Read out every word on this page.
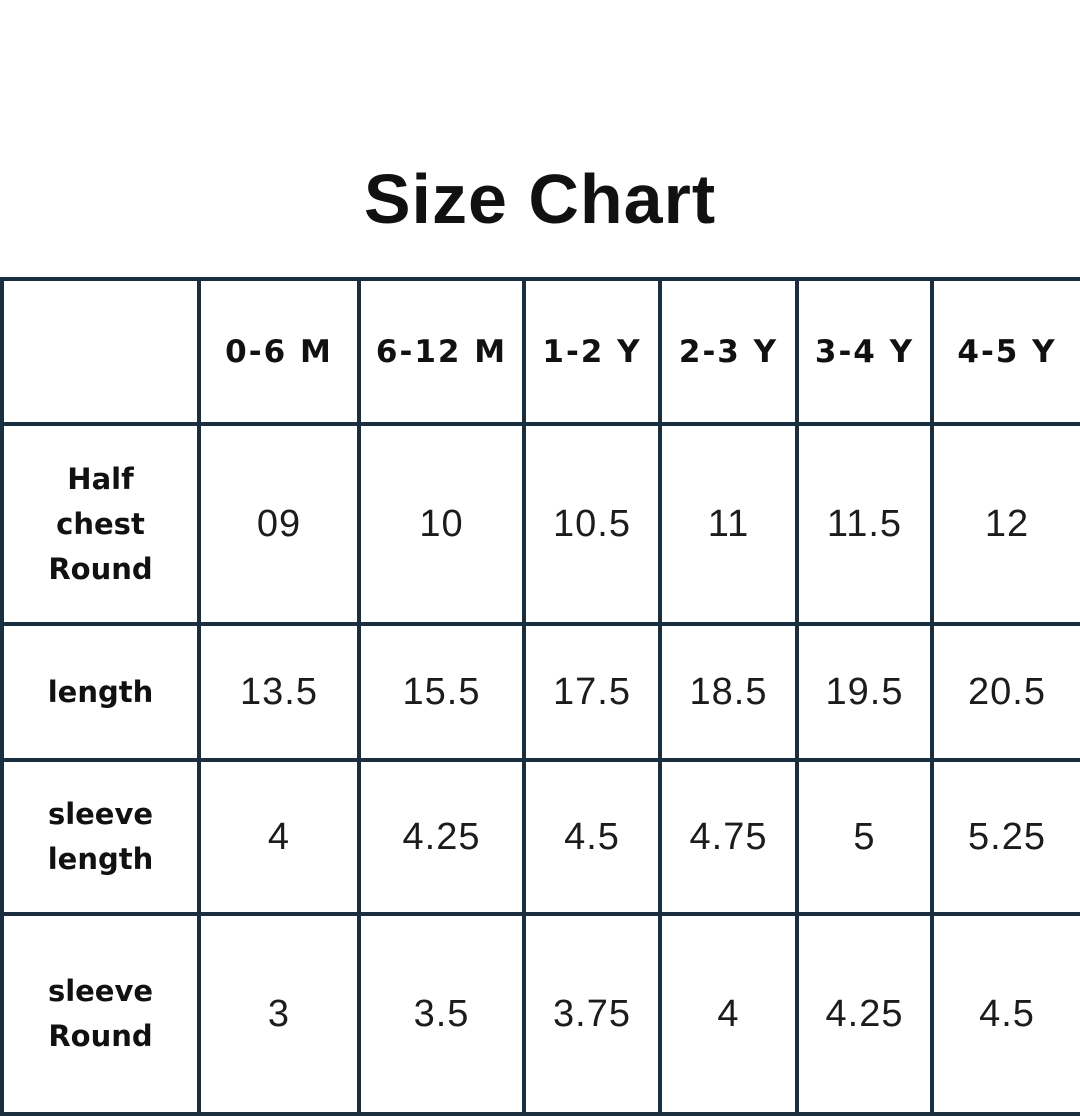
Size Chart
	0-6 M	6-12 M	1-2 Y	2-3 Y	3-4 Y	4-5 Y
Half chest Round	09	10	10.5	11	11.5	12
length	13.5	15.5	17.5	18.5	19.5	20.5
sleeve length	4	4.25	4.5	4.75	5	5.25
sleeve Round	3	3.5	3.75	4	4.25	4.5
